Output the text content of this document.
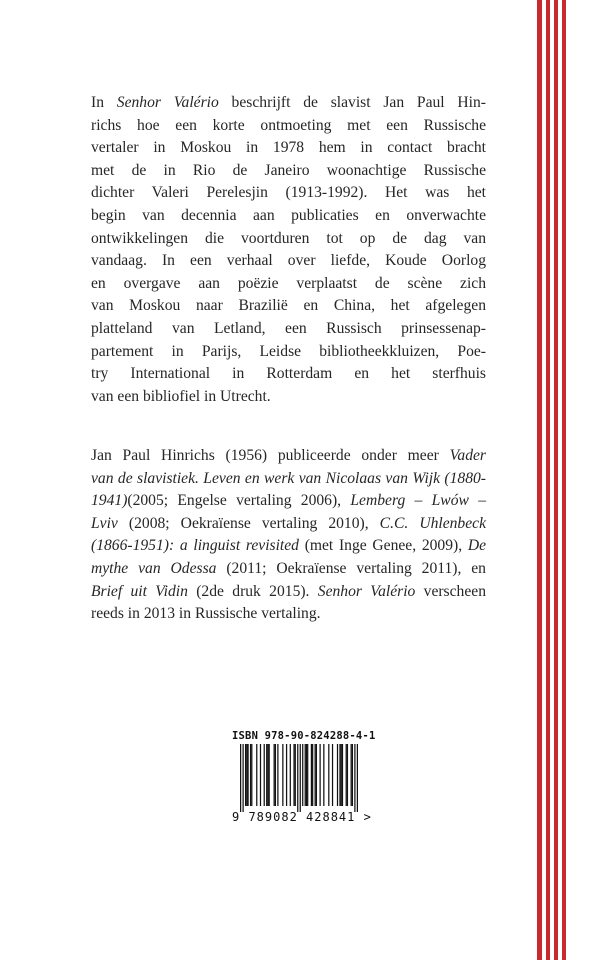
In Senhor Valério beschrijft de slavist Jan Paul Hin-
richs hoe een korte ontmoeting met een Russische
vertaler in Moskou in 1978 hem in contact bracht
met de in Rio de Janeiro woonachtige Russische
dichter Valeri Perelesjin (1913-1992). Het was het
begin van decennia aan publicaties en onverwachte
ontwikkelingen die voortduren tot op de dag van
vandaag. In een verhaal over liefde, Koude Oorlog
en overgave aan poëzie verplaatst de scène zich
van Moskou naar Brazilië en China, het afgelegen
platteland van Letland, een Russisch prinsessenap-
partement in Parijs, Leidse bibliotheekkluizen, Poe-
try International in Rotterdam en het sterfhuis
van een bibliofiel in Utrecht.
Jan Paul Hinrichs (1956) publiceerde onder meer Vader
van de slavistiek. Leven en werk van Nicolaas van Wijk (1880-
1941)(2005; Engelse vertaling 2006), Lemberg – Lwów –
Lviv (2008; Oekraïense vertaling 2010), C.C. Uhlenbeck
(1866-1951): a linguist revisited (met Inge Genee, 2009), De
mythe van Odessa (2011; Oekraïense vertaling 2011), en
Brief uit Vidin (2de druk 2015). Senhor Valério verscheen
reeds in 2013 in Russische vertaling.
ISBN 978-90-824288-4-1
9 789082 428841 >
